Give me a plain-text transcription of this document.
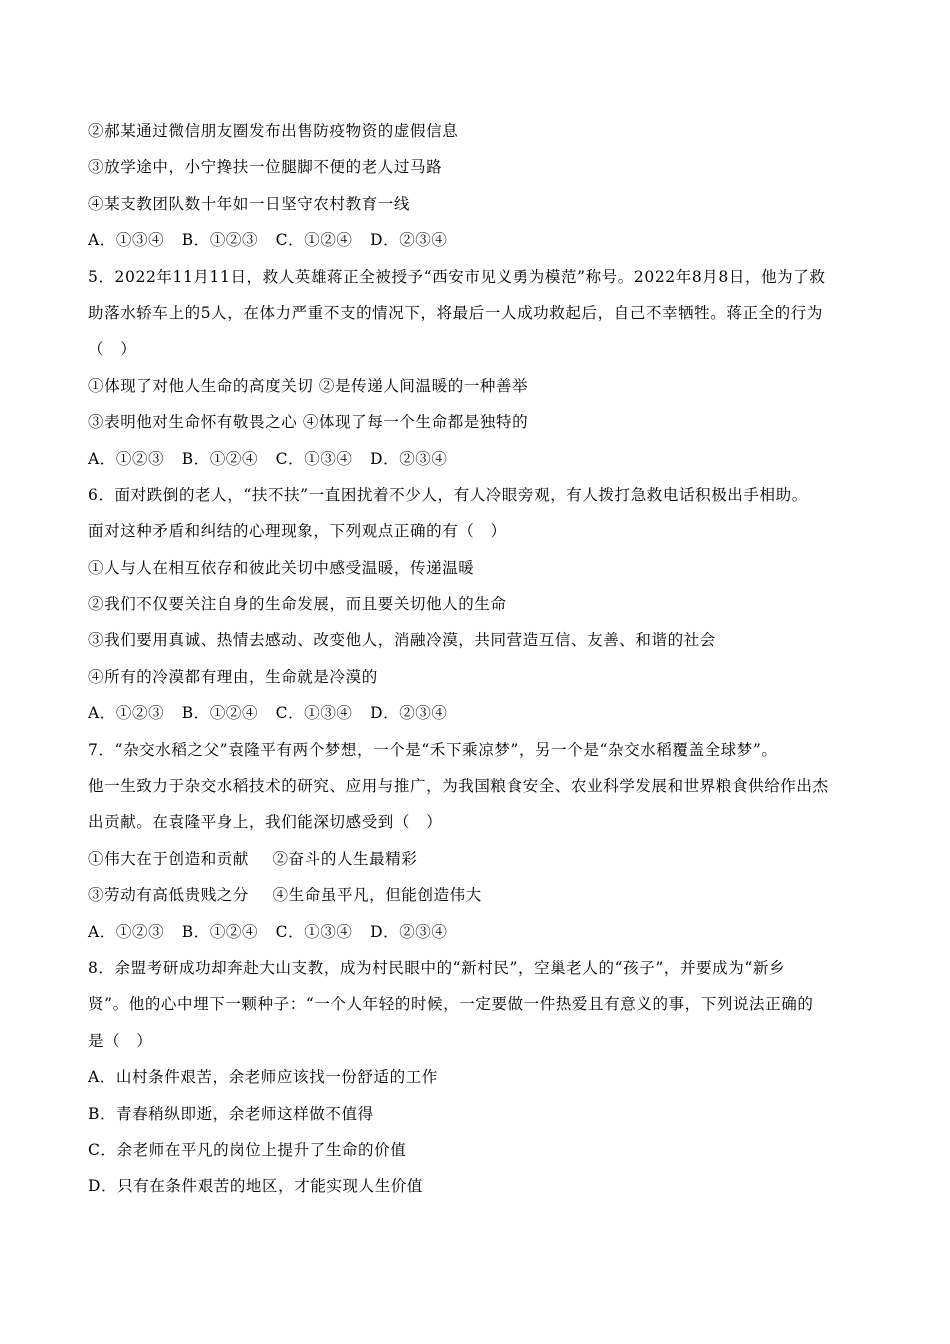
②郝某通过微信朋友圈发布出售防疫物资的虚假信息
③放学途中，小宁搀扶一位腿脚不便的老人过马路
④某支教团队数十年如一日坚守农村教育一线
A．①③④ B．①②③ C．①②④ D．②③④
5．2022年11月11日，救人英雄蒋正全被授予“西安市见义勇为模范”称号。2022年8月8日，他为了救
助落水轿车上的5人，在体力严重不支的情况下，将最后一人成功救起后，自己不幸牺牲。蒋正全的行为
（　）
①体现了对他人生命的高度关切 ②是传递人间温暖的一种善举
③表明他对生命怀有敬畏之心 ④体现了每一个生命都是独特的
A．①②③ B．①②④ C．①③④ D．②③④
6．面对跌倒的老人，“扶不扶”一直困扰着不少人，有人冷眼旁观，有人拨打急救电话积极出手相助。
面对这种矛盾和纠结的心理现象，下列观点正确的有（　）
①人与人在相互依存和彼此关切中感受温暖，传递温暖
②我们不仅要关注自身的生命发展，而且要关切他人的生命
③我们要用真诚、热情去感动、改变他人，消融冷漠，共同营造互信、友善、和谐的社会
④所有的冷漠都有理由，生命就是冷漠的
A．①②③ B．①②④ C．①③④ D．②③④
7．“杂交水稻之父”袁隆平有两个梦想，一个是“禾下乘凉梦”，另一个是“杂交水稻覆盖全球梦”。
他一生致力于杂交水稻技术的研究、应用与推广，为我国粮食安全、农业科学发展和世界粮食供给作出杰
出贡献。在袁隆平身上，我们能深切感受到（　）
①伟大在于创造和贡献 ②奋斗的人生最精彩
③劳动有高低贵贱之分 ④生命虽平凡，但能创造伟大
A．①②③ B．①②④ C．①③④ D．②③④
8．余盟考研成功却奔赴大山支教，成为村民眼中的“新村民”，空巢老人的“孩子”，并要成为“新乡
贤”。他的心中埋下一颗种子：“一个人年轻的时候，一定要做一件热爱且有意义的事，下列说法正确的
是（　）
A．山村条件艰苦，余老师应该找一份舒适的工作
B．青春稍纵即逝，余老师这样做不值得
C．余老师在平凡的岗位上提升了生命的价值
D．只有在条件艰苦的地区，才能实现人生价值
